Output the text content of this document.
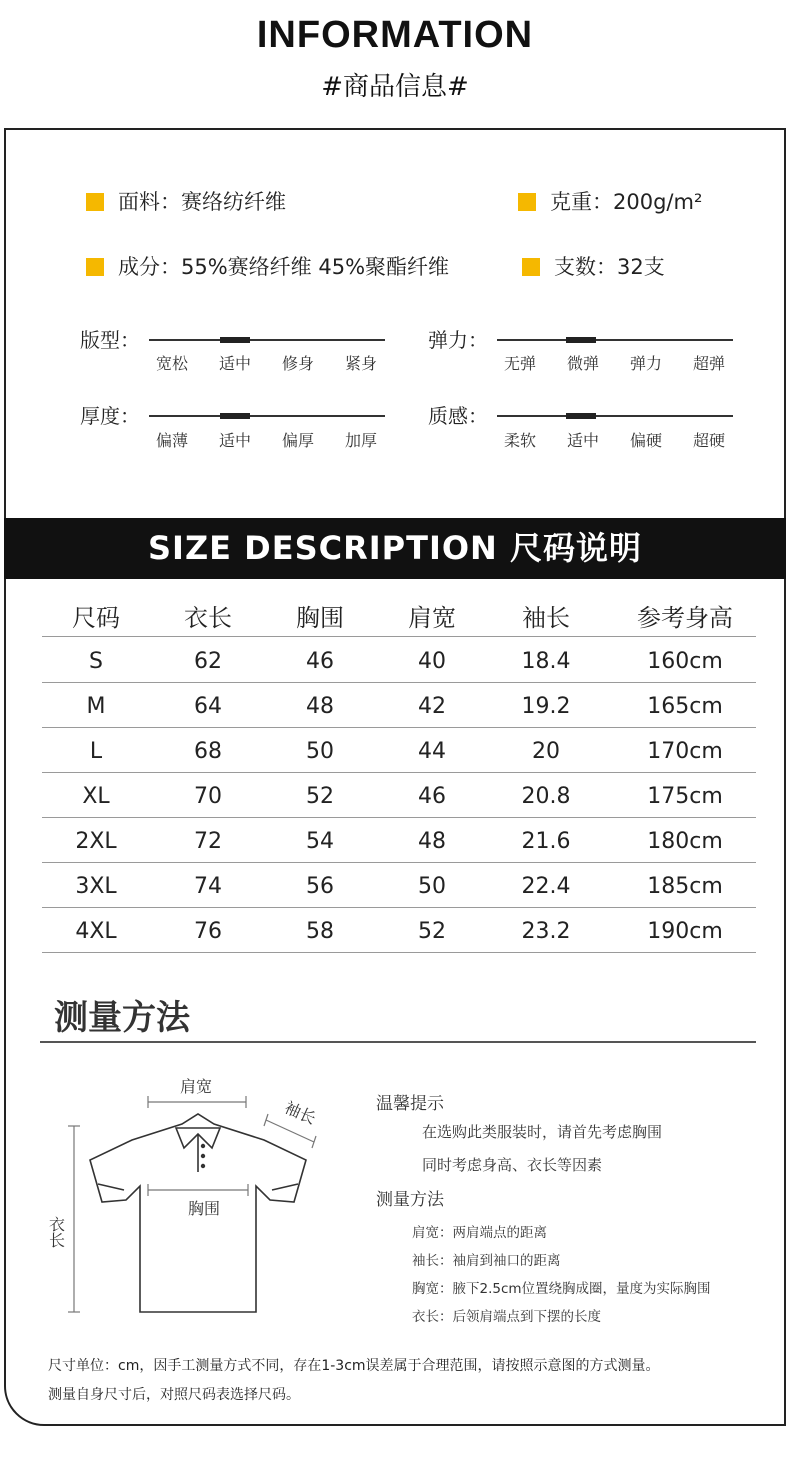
INFORMATION
#商品信息#
面料：赛络纺纤维	克重：200g/m²
成分：55%赛络纤维 45%聚酯纤维	支数：32支
版型：
宽松	适中	修身	紧身
弹力：
无弹	微弹	弹力	超弹
厚度：
偏薄	适中	偏厚	加厚
质感：
柔软	适中	偏硬	超硬
SIZE DESCRIPTION 尺码说明
尺码	衣长	胸围	肩宽	袖长	参考身高
S	62	46	40	18.4	160cm
M	64	48	42	19.2	165cm
L	68	50	44	20	170cm
XL	70	52	46	20.8	175cm
2XL	72	54	48	21.6	180cm
3XL	74	56	50	22.4	185cm
4XL	76	58	52	23.2	190cm
测量方法
肩宽
胸围
袖长
衣长
温馨提示
在选购此类服装时，请首先考虑胸围
同时考虑身高、衣长等因素
测量方法
肩宽：两肩端点的距离
袖长：袖肩到袖口的距离
胸宽：腋下2.5cm位置绕胸成圈，量度为实际胸围
衣长：后领肩端点到下摆的长度
尺寸单位：cm，因手工测量方式不同，存在1-3cm误差属于合理范围，请按照示意图的方式测量。
测量自身尺寸后，对照尺码表选择尺码。
